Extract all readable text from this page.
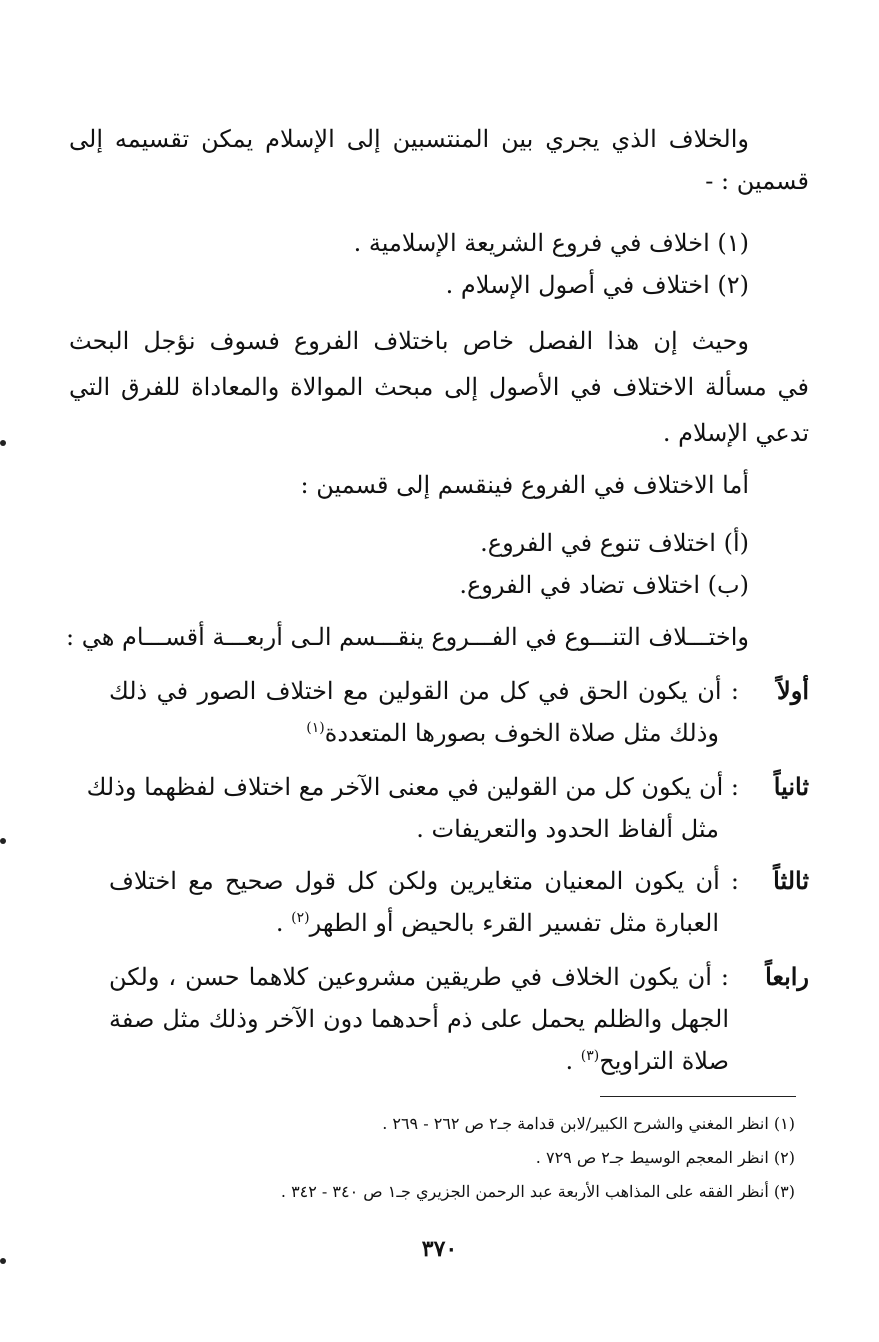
والخلاف الذي يجري بين المنتسبين إلى الإسلام يمكن تقسيمه إلى
قسمين : -
(١) اخلاف في فروع الشريعة الإسلامية .
(٢) اختلاف في أصول الإسلام .
وحيث إن هذا الفصل خاص باختلاف الفروع فسوف نؤجل البحث
في مسألة الاختلاف في الأصول إلى مبحث الموالاة والمعاداة للفرق التي
تدعي الإسلام .
أما الاختلاف في الفروع فينقسم إلى قسمين :
(أ) اختلاف تنوع في الفروع.
(ب) اختلاف تضاد في الفروع.
واختـــلاف التنـــوع في الفـــروع ينقـــسم الـى أربعـــة أقســـام هي :
أولاً
: أن يكون الحق في كل من القولين مع اختلاف الصور في ذلك
وذلك مثل صلاة الخوف بصورها المتعددة$^{(١)}$
ثانياً
: أن يكون كل من القولين في معنى الآخر مع اختلاف لفظهما وذلك
مثل ألفاظ الحدود والتعريفات .
ثالثاً
: أن يكون المعنيان متغايرين ولكن كل قول صحيح مع اختلاف
العبارة مثل تفسير القرء بالحيض أو الطهر$^{(٢)}$ .
رابعاً
: أن يكون الخلاف في طريقين مشروعين كلاهما حسن ، ولكن
الجهل والظلم يحمل على ذم أحدهما دون الآخر وذلك مثل صفة
صلاة التراويح$^{(٣)}$ .
(١) انظر المغني والشرح الكبير/لابن قدامة جـ٢ ص ٢٦٢ - ٢٦٩ .
(٢) انظر المعجم الوسيط جـ٢ ص ٧٢٩ .
(٣) أنظر الفقه على المذاهب الأربعة عبد الرحمن الجزيري جـ١ ص ٣٤٠ - ٣٤٢ .
٣٧٠
